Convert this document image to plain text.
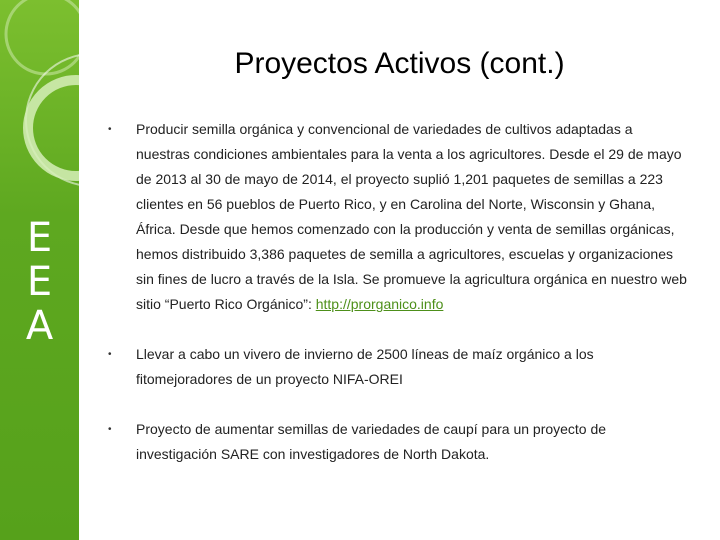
E
E
A
Proyectos Activos (cont.)
• Producir semilla orgánica y convencional de variedades de cultivos adaptadas a nuestras condiciones ambientales para la venta a los agricultores. Desde el 29 de mayo de 2013 al 30 de mayo de 2014, el proyecto suplió 1,201 paquetes de semillas a 223 clientes en 56 pueblos de Puerto Rico, y en Carolina del Norte, Wisconsin y Ghana, África. Desde que hemos comenzado con la producción y venta de semillas orgánicas, hemos distribuido 3,386 paquetes de semilla a agricultores, escuelas y organizaciones sin fines de lucro a través de la Isla. Se promueve la agricultura orgánica en nuestro web sitio “Puerto Rico Orgánico”: http://prorganico.info
• Llevar a cabo un vivero de invierno de 2500 líneas de maíz orgánico a los fitomejoradores de un proyecto NIFA-OREI
• Proyecto de aumentar semillas de variedades de caupí para un proyecto de investigación SARE con investigadores de North Dakota.
